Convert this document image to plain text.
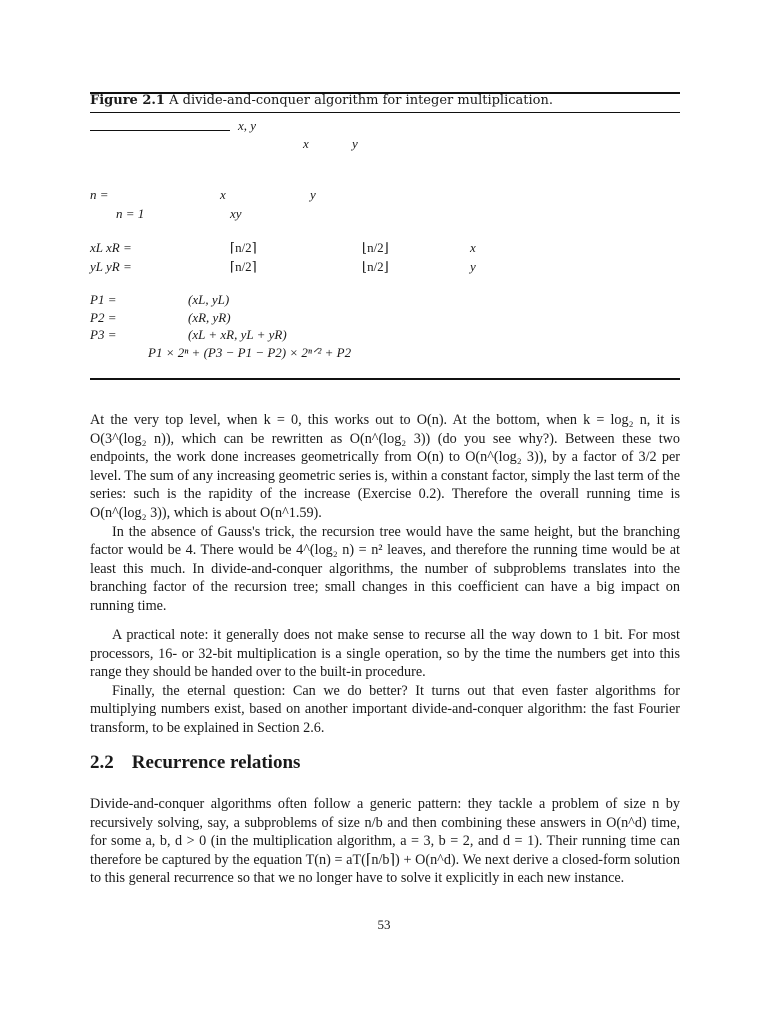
Figure 2.1 A divide-and-conquer algorithm for integer multiplication.
x, y
x	y
n =	x	y
n = 1	xy
xL xR =	⌈n/2⌉	⌊n/2⌋	x
yL yR =	⌈n/2⌉	⌊n/2⌋	y
P1 =	(xL, yL)
P2 =	(xR, yR)
P3 =	(xL + xR, yL + yR)
P1 × 2ⁿ + (P3 − P1 − P2) × 2ⁿᐟ² + P2

At the very top level, when k = 0, this works out to O(n). At the bottom, when k = log₂ n, it is O(3^(log₂ n)), which can be rewritten as O(n^(log₂ 3)) (do you see why?). Between these two endpoints, the work done increases geometrically from O(n) to O(n^(log₂ 3)), by a factor of 3/2 per level. The sum of any increasing geometric series is, within a constant factor, simply the last term of the series: such is the rapidity of the increase (Exercise 0.2). Therefore the overall running time is O(n^(log₂ 3)), which is about O(n^1.59).

In the absence of Gauss's trick, the recursion tree would have the same height, but the branching factor would be 4. There would be 4^(log₂ n) = n² leaves, and therefore the running time would be at least this much. In divide-and-conquer algorithms, the number of subproblems translates into the branching factor of the recursion tree; small changes in this coefficient can have a big impact on running time.

A practical note: it generally does not make sense to recurse all the way down to 1 bit. For most processors, 16- or 32-bit multiplication is a single operation, so by the time the numbers get into this range they should be handed over to the built-in procedure.

Finally, the eternal question: Can we do better? It turns out that even faster algorithms for multiplying numbers exist, based on another important divide-and-conquer algorithm: the fast Fourier transform, to be explained in Section 2.6.

2.2 Recurrence relations

Divide-and-conquer algorithms often follow a generic pattern: they tackle a problem of size n by recursively solving, say, a subproblems of size n/b and then combining these answers in O(n^d) time, for some a, b, d > 0 (in the multiplication algorithm, a = 3, b = 2, and d = 1). Their running time can therefore be captured by the equation T(n) = aT(⌈n/b⌉) + O(n^d). We next derive a closed-form solution to this general recurrence so that we no longer have to solve it explicitly in each new instance.

53
